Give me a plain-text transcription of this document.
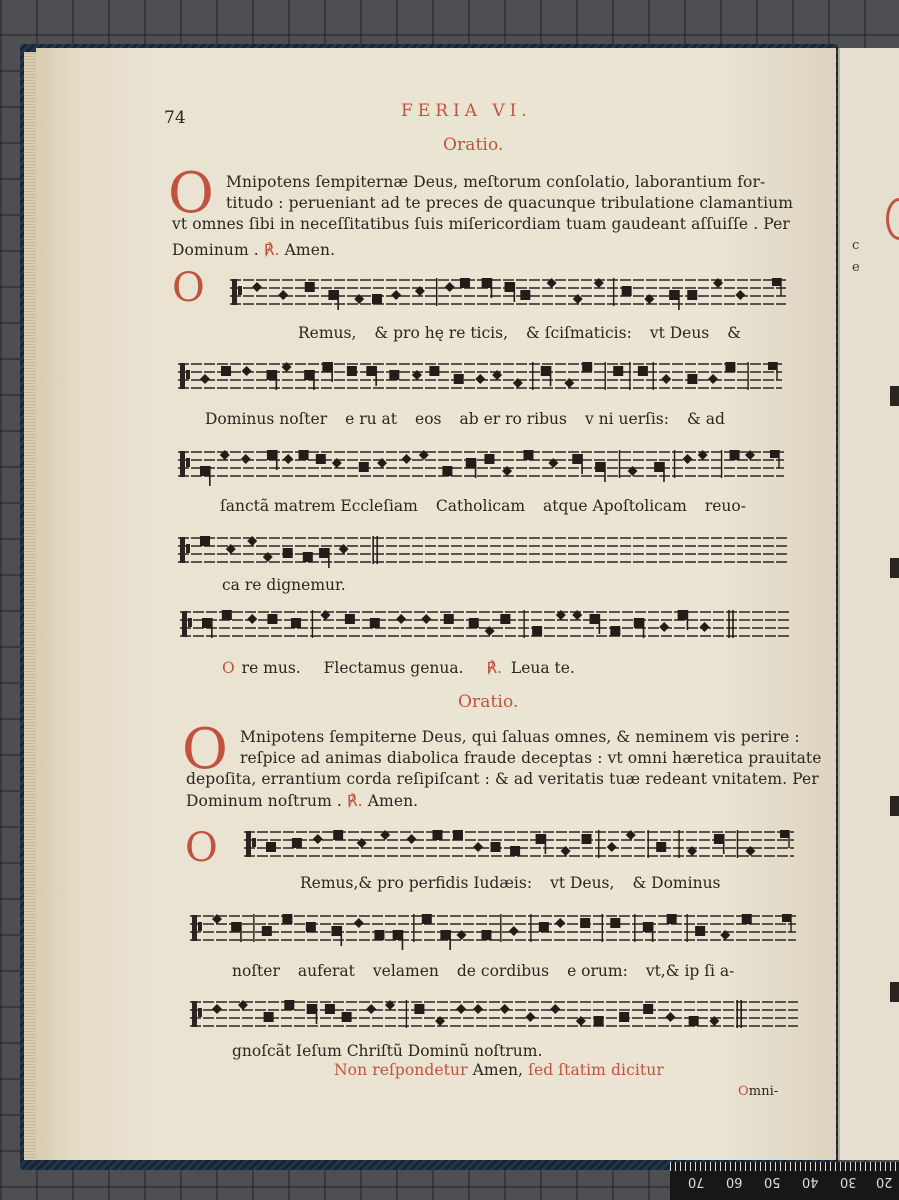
c
e
74	FERIA VI.
Oratio.
O Mnipotens ſempiternæ Deus, meſtorum conſolatio, laborantium for-
titudo : perueniant ad te preces de quacunque tribulatione clamantium
vt omnes ſibi in neceſſitatibus ſuis miſericordiam tuam gaudeant aſſuiſſe . Per
Dominum . ℟. Amen.
O
Remus, & pro hę re ticis, & ſciſmaticis: vt Deus &
Dominus noſter e ru at eos ab er ro ribus v ni uerſis: & ad
ſanctã matrem Eccleſiam Catholicam atque Apoſtolicam reuo-
ca re dignemur.
O re mus. Flectamus genua. ℟. Leua te.
Oratio.
O Mnipotens ſempiterne Deus, qui ſaluas omnes, & neminem vis perire :
reſpice ad animas diabolica fraude deceptas : vt omni hæretica prauitate
depoſita, errantium corda reſipiſcant : & ad veritatis tuæ redeant vnitatem. Per
Dominum noſtrum . ℟. Amen.
O
Remus,& pro perfidis Iudæis: vt Deus, & Dominus
noſter auferat velamen de cordibus e orum: vt,& ip ſi a-
gnoſcãt Ieſum Chriſtũ Dominũ noſtrum.
Non reſpondetur Amen, ſed ſtatim dicitur
Omni-
70 60 50 40 30 20
